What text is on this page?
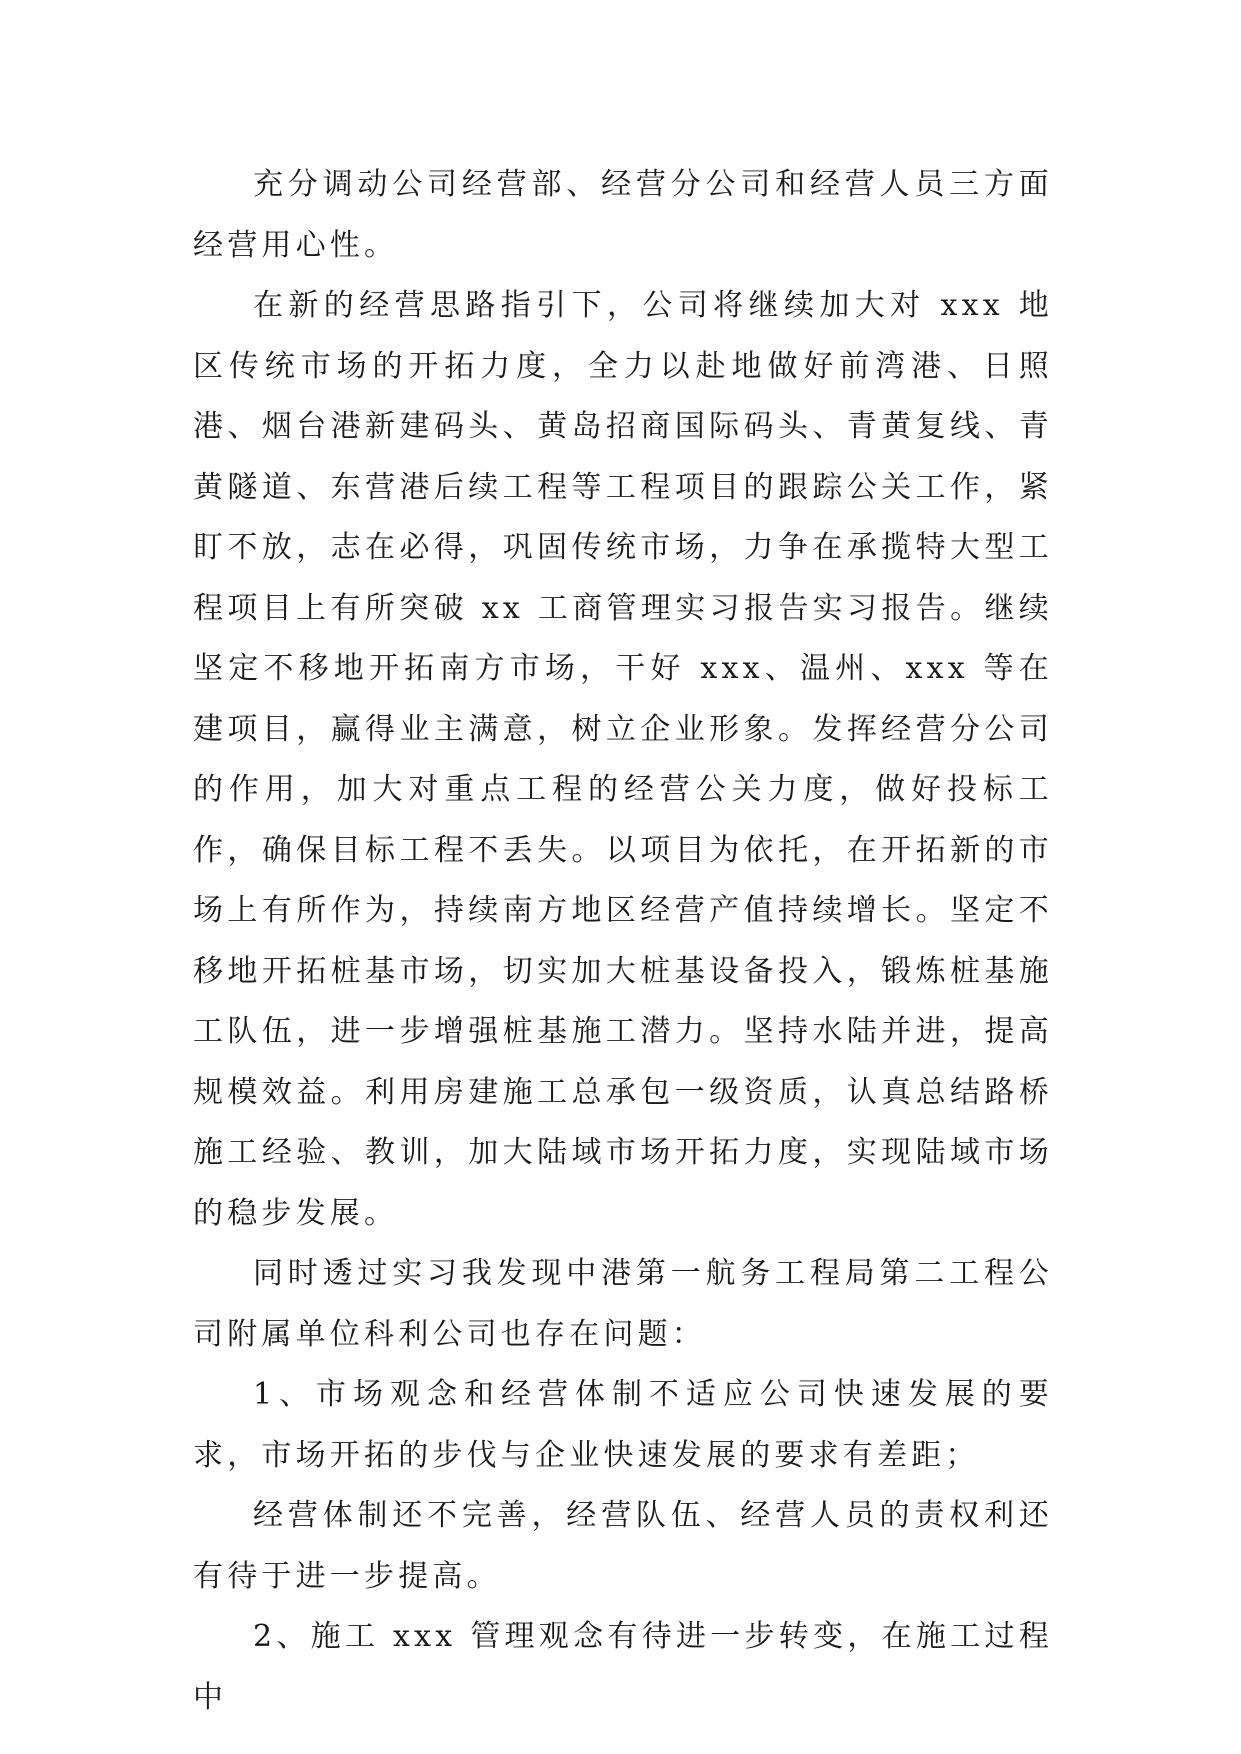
充分调动公司经营部、经营分公司和经营人员三方面经营用心性。

在新的经营思路指引下，公司将继续加大对 xxx 地区传统市场的开拓力度，全力以赴地做好前湾港、日照港、烟台港新建码头、黄岛招商国际码头、青黄复线、青黄隧道、东营港后续工程等工程项目的跟踪公关工作，紧盯不放，志在必得，巩固传统市场，力争在承揽特大型工程项目上有所突破 xx 工商管理实习报告实习报告。继续坚定不移地开拓南方市场，干好 xxx、温州、xxx 等在建项目，赢得业主满意，树立企业形象。发挥经营分公司的作用，加大对重点工程的经营公关力度，做好投标工作，确保目标工程不丢失。以项目为依托，在开拓新的市场上有所作为，持续南方地区经营产值持续增长。坚定不移地开拓桩基市场，切实加大桩基设备投入，锻炼桩基施工队伍，进一步增强桩基施工潜力。坚持水陆并进，提高规模效益。利用房建施工总承包一级资质，认真总结路桥施工经验、教训，加大陆域市场开拓力度，实现陆域市场的稳步发展。

同时透过实习我发现中港第一航务工程局第二工程公司附属单位科利公司也存在问题：

1、市场观念和经营体制不适应公司快速发展的要求，市场开拓的步伐与企业快速发展的要求有差距；

经营体制还不完善，经营队伍、经营人员的责权利还有待于进一步提高。

2、施工 xxx 管理观念有待进一步转变，在施工过程中
